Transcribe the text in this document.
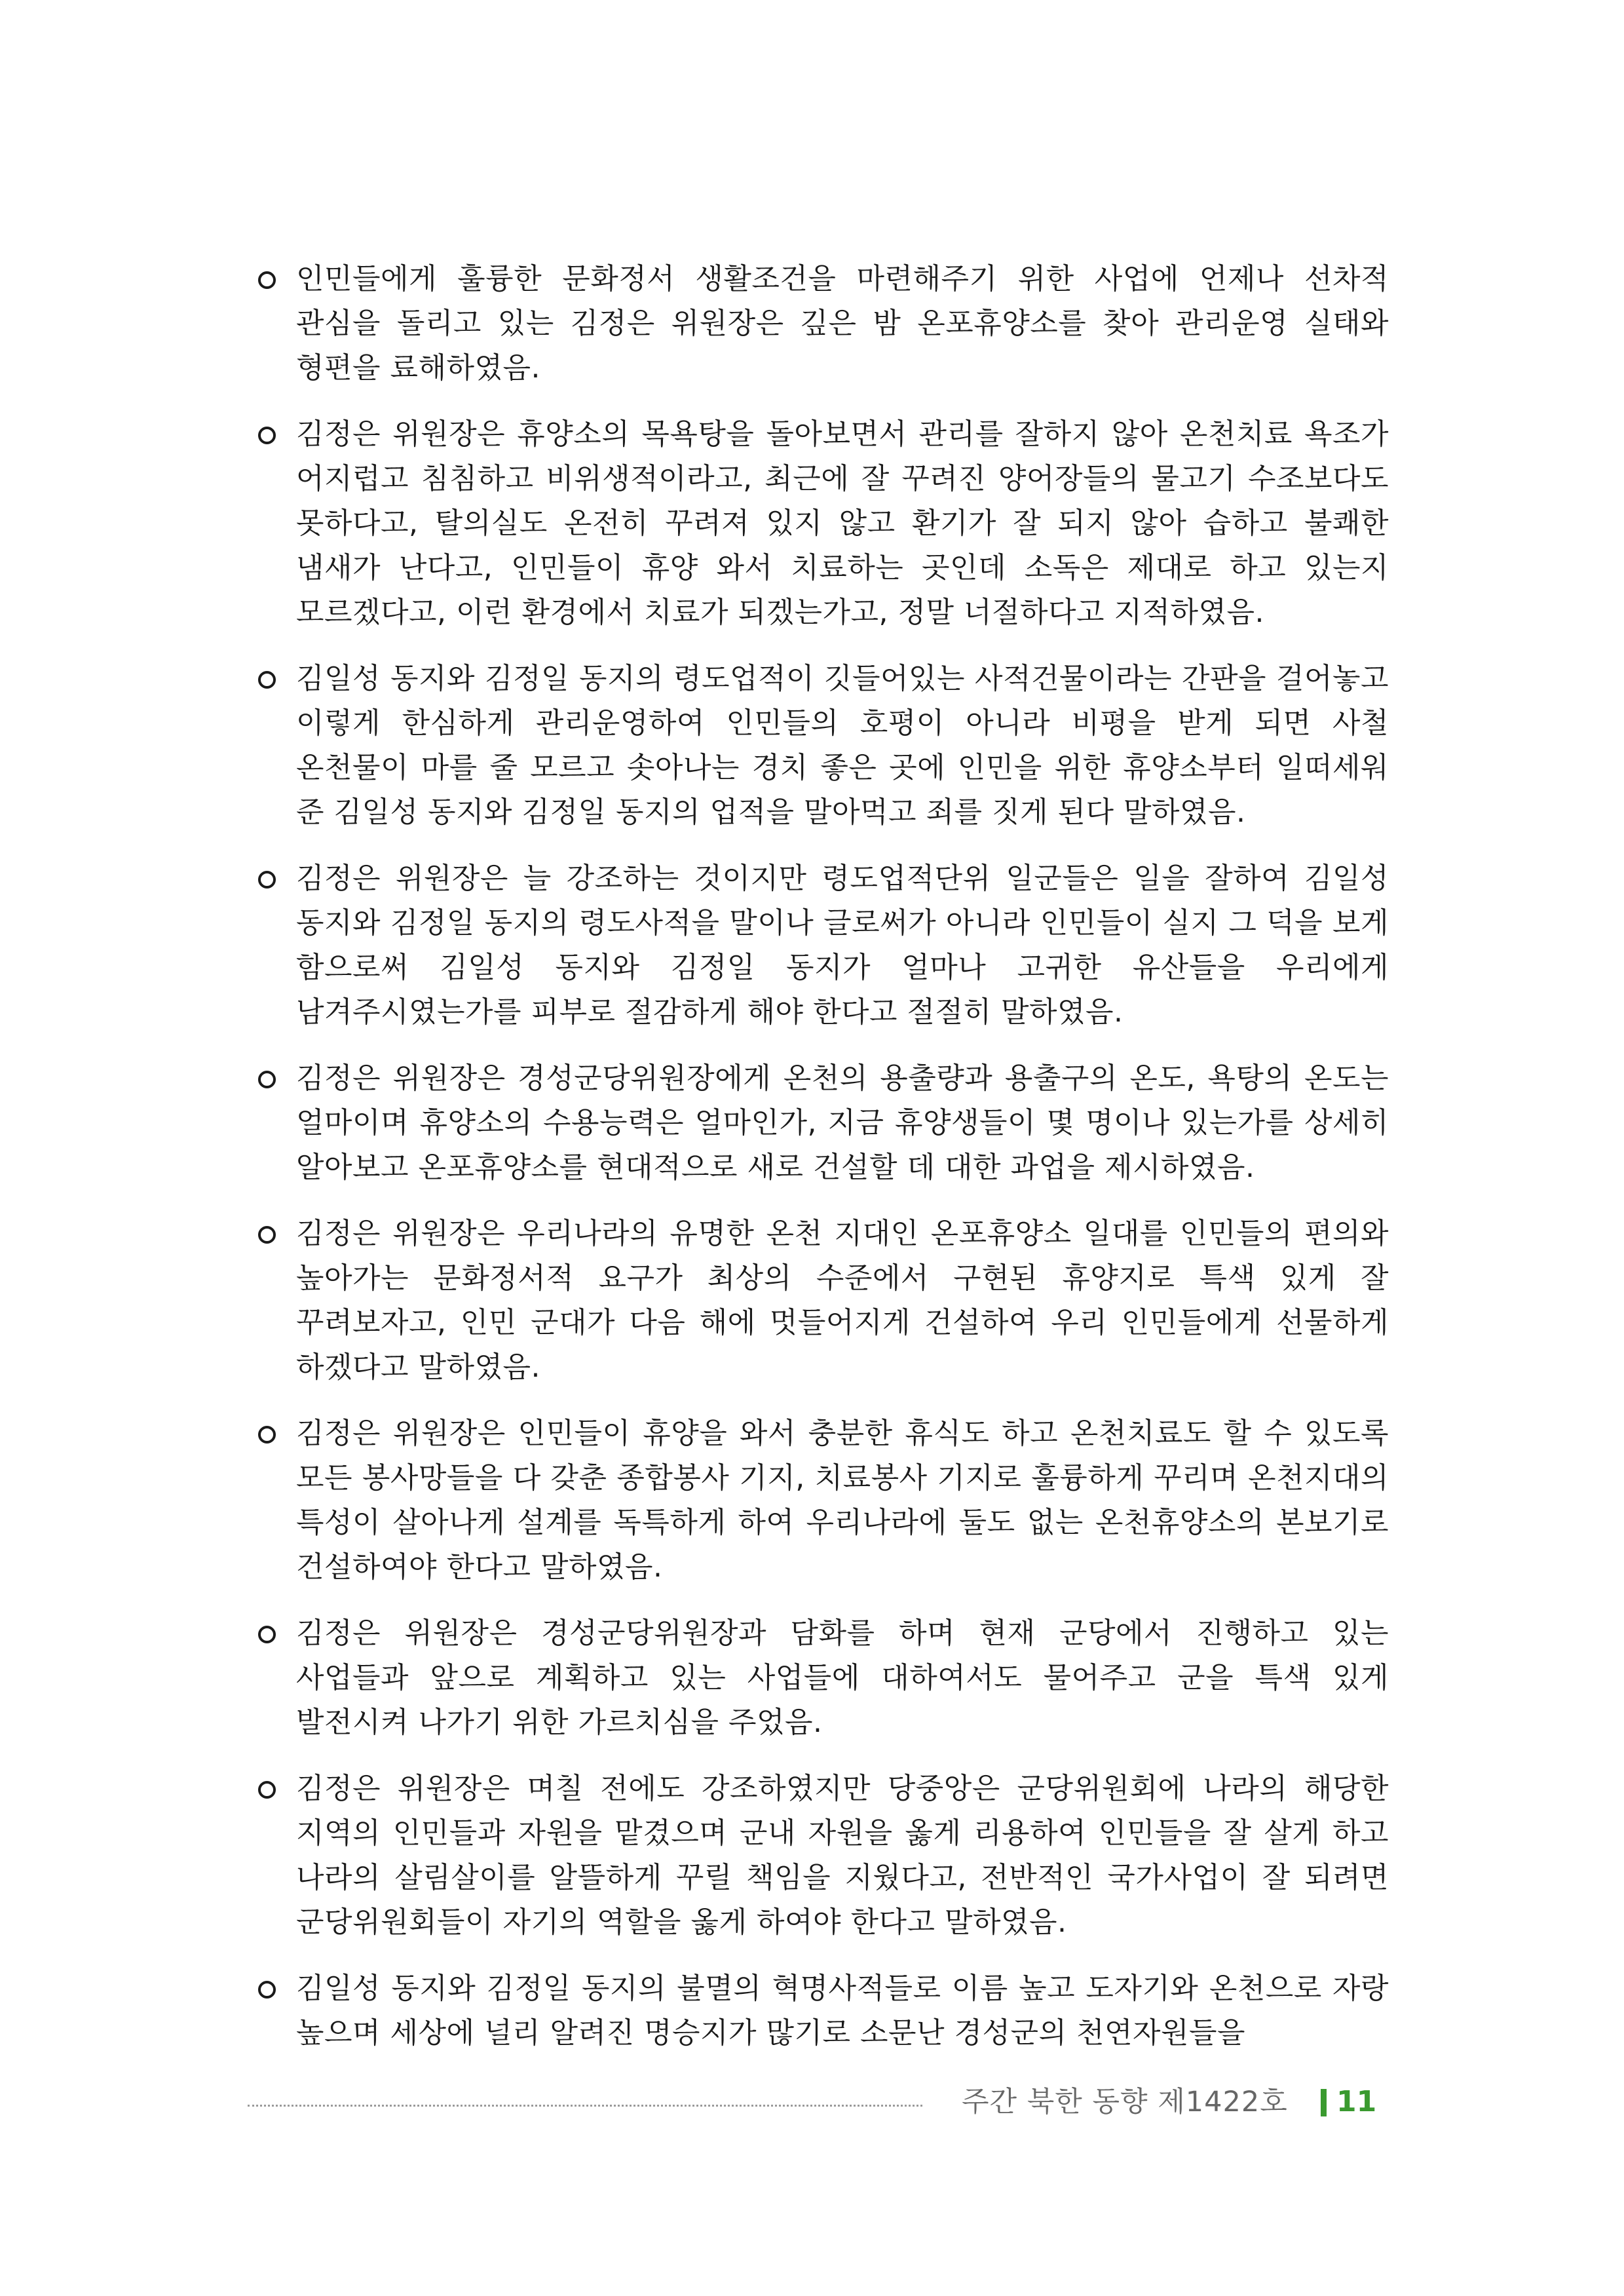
인민들에게 훌륭한 문화정서 생활조건을 마련해주기 위한 사업에 언제나 선차적 관심을 돌리고 있는 김정은 위원장은 깊은 밤 온포휴양소를 찾아 관리운영 실태와 형편을 료해하였음.
김정은 위원장은 휴양소의 목욕탕을 돌아보면서 관리를 잘하지 않아 온천치료 욕조가 어지럽고 침침하고 비위생적이라고, 최근에 잘 꾸려진 양어장들의 물고기 수조보다도 못하다고, 탈의실도 온전히 꾸려져 있지 않고 환기가 잘 되지 않아 습하고 불쾌한 냄새가 난다고, 인민들이 휴양 와서 치료하는 곳인데 소독은 제대로 하고 있는지 모르겠다고, 이런 환경에서 치료가 되겠는가고, 정말 너절하다고 지적하였음.
김일성 동지와 김정일 동지의 령도업적이 깃들어있는 사적건물이라는 간판을 걸어놓고 이렇게 한심하게 관리운영하여 인민들의 호평이 아니라 비평을 받게 되면 사철 온천물이 마를 줄 모르고 솟아나는 경치 좋은 곳에 인민을 위한 휴양소부터 일떠세워 준 김일성 동지와 김정일 동지의 업적을 말아먹고 죄를 짓게 된다 말하였음.
김정은 위원장은 늘 강조하는 것이지만 령도업적단위 일군들은 일을 잘하여 김일성 동지와 김정일 동지의 령도사적을 말이나 글로써가 아니라 인민들이 실지 그 덕을 보게 함으로써 김일성 동지와 김정일 동지가 얼마나 고귀한 유산들을 우리에게 남겨주시였는가를 피부로 절감하게 해야 한다고 절절히 말하였음.
김정은 위원장은 경성군당위원장에게 온천의 용출량과 용출구의 온도, 욕탕의 온도는 얼마이며 휴양소의 수용능력은 얼마인가, 지금 휴양생들이 몇 명이나 있는가를 상세히 알아보고 온포휴양소를 현대적으로 새로 건설할 데 대한 과업을 제시하였음.
김정은 위원장은 우리나라의 유명한 온천 지대인 온포휴양소 일대를 인민들의 편의와 높아가는 문화정서적 요구가 최상의 수준에서 구현된 휴양지로 특색 있게 잘 꾸려보자고, 인민 군대가 다음 해에 멋들어지게 건설하여 우리 인민들에게 선물하게 하겠다고 말하였음.
김정은 위원장은 인민들이 휴양을 와서 충분한 휴식도 하고 온천치료도 할 수 있도록 모든 봉사망들을 다 갖춘 종합봉사 기지, 치료봉사 기지로 훌륭하게 꾸리며 온천지대의 특성이 살아나게 설계를 독특하게 하여 우리나라에 둘도 없는 온천휴양소의 본보기로 건설하여야 한다고 말하였음.
김정은 위원장은 경성군당위원장과 담화를 하며 현재 군당에서 진행하고 있는 사업들과 앞으로 계획하고 있는 사업들에 대하여서도 물어주고 군을 특색 있게 발전시켜 나가기 위한 가르치심을 주었음.
김정은 위원장은 며칠 전에도 강조하였지만 당중앙은 군당위원회에 나라의 해당한 지역의 인민들과 자원을 맡겼으며 군내 자원을 옳게 리용하여 인민들을 잘 살게 하고 나라의 살림살이를 알뜰하게 꾸릴 책임을 지웠다고, 전반적인 국가사업이 잘 되려면 군당위원회들이 자기의 역할을 옳게 하여야 한다고 말하였음.
김일성 동지와 김정일 동지의 불멸의 혁명사적들로 이름 높고 도자기와 온천으로 자랑 높으며 세상에 널리 알려진 명승지가 많기로 소문난 경성군의 천연자원들을
주간 북한 동향 제1422호 11
